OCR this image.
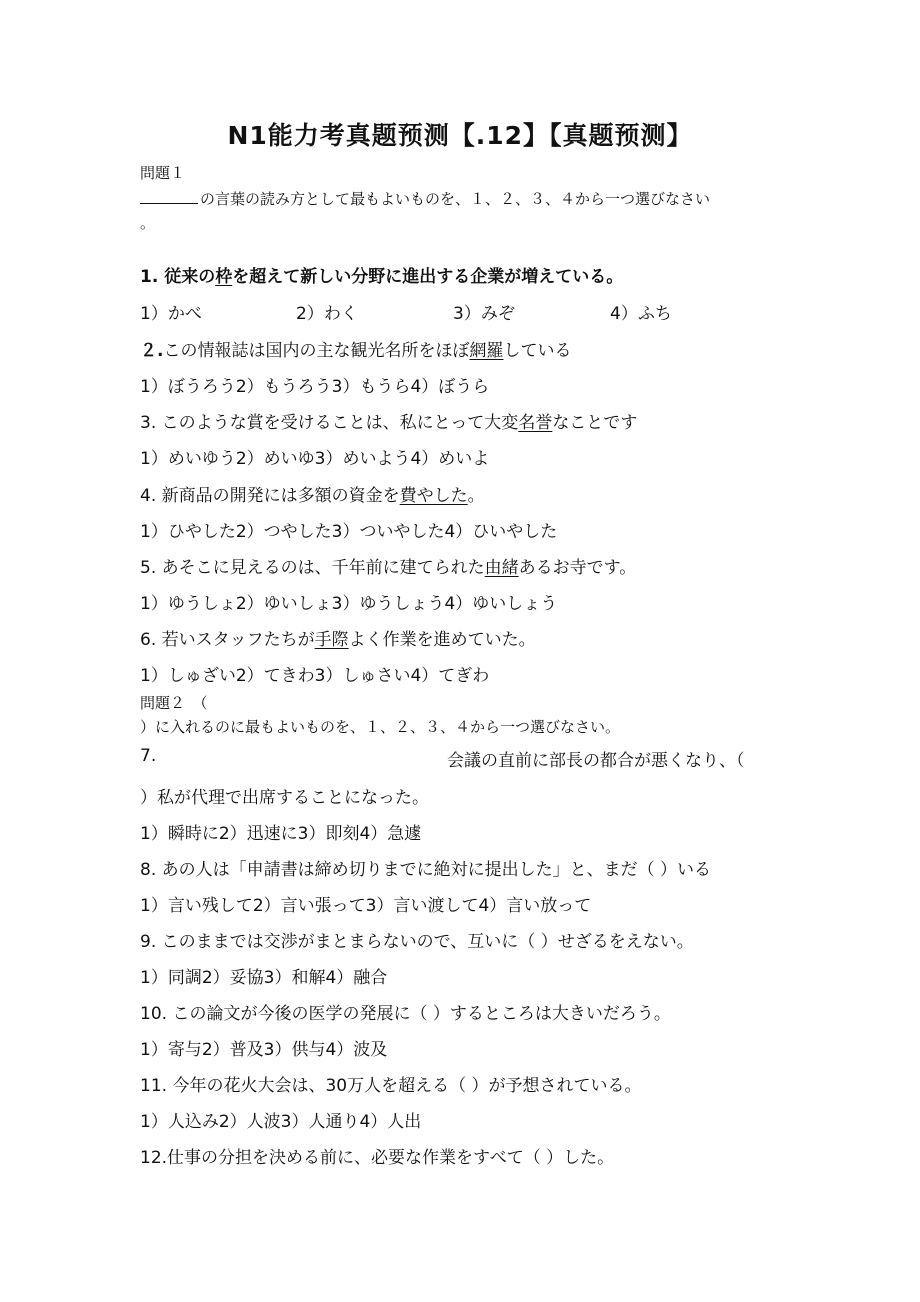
N1能力考真题预测【.12】【真题预测】
問題１
の言葉の読み方として最もよいものを、１、２、３、４から一つ選びなさい
。
1. 従来の枠を超えて新しい分野に進出する企業が増えている。
1）かべ	2）わく	3）みぞ	4）ふち
２.この情報誌は国内の主な観光名所をほぼ網羅している
1）ぼうろう2）もうろう3）もうら4）ぼうら
3. このような賞を受けることは、私にとって大変名誉なことです
1）めいゆう2）めいゆ3）めいよう4）めいよ
4. 新商品の開発には多額の資金を費やした。
1）ひやした2）つやした3）ついやした4）ひいやした
5. あそこに見えるのは、千年前に建てられた由緒あるお寺です。
1）ゆうしょ2）ゆいしょ3）ゆうしょう4）ゆいしょう
6. 若いスタッフたちが手際よく作業を進めていた。
1）しゅざい2）てきわ3）しゅさい4）てぎわ
問題２　（
）に入れるのに最もよいものを、１、２、３、４から一つ選びなさい。
7.	会議の直前に部長の都合が悪くなり、（
）私が代理で出席することになった。
1）瞬時に2）迅速に3）即刻4）急遽
8. あの人は「申請書は締め切りまでに絶対に提出した」と、まだ（ ）いる
1）言い残して2）言い張って3）言い渡して4）言い放って
9. このままでは交渉がまとまらないので、互いに（ ）せざるをえない。
1）同調2）妥協3）和解4）融合
10. この論文が今後の医学の発展に（ ）するところは大きいだろう。
1）寄与2）普及3）供与4）波及
11. 今年の花火大会は、30万人を超える（ ）が予想されている。
1）人込み2）人波3）人通り4）人出
12.仕事の分担を決める前に、必要な作業をすべて（ ）した。
